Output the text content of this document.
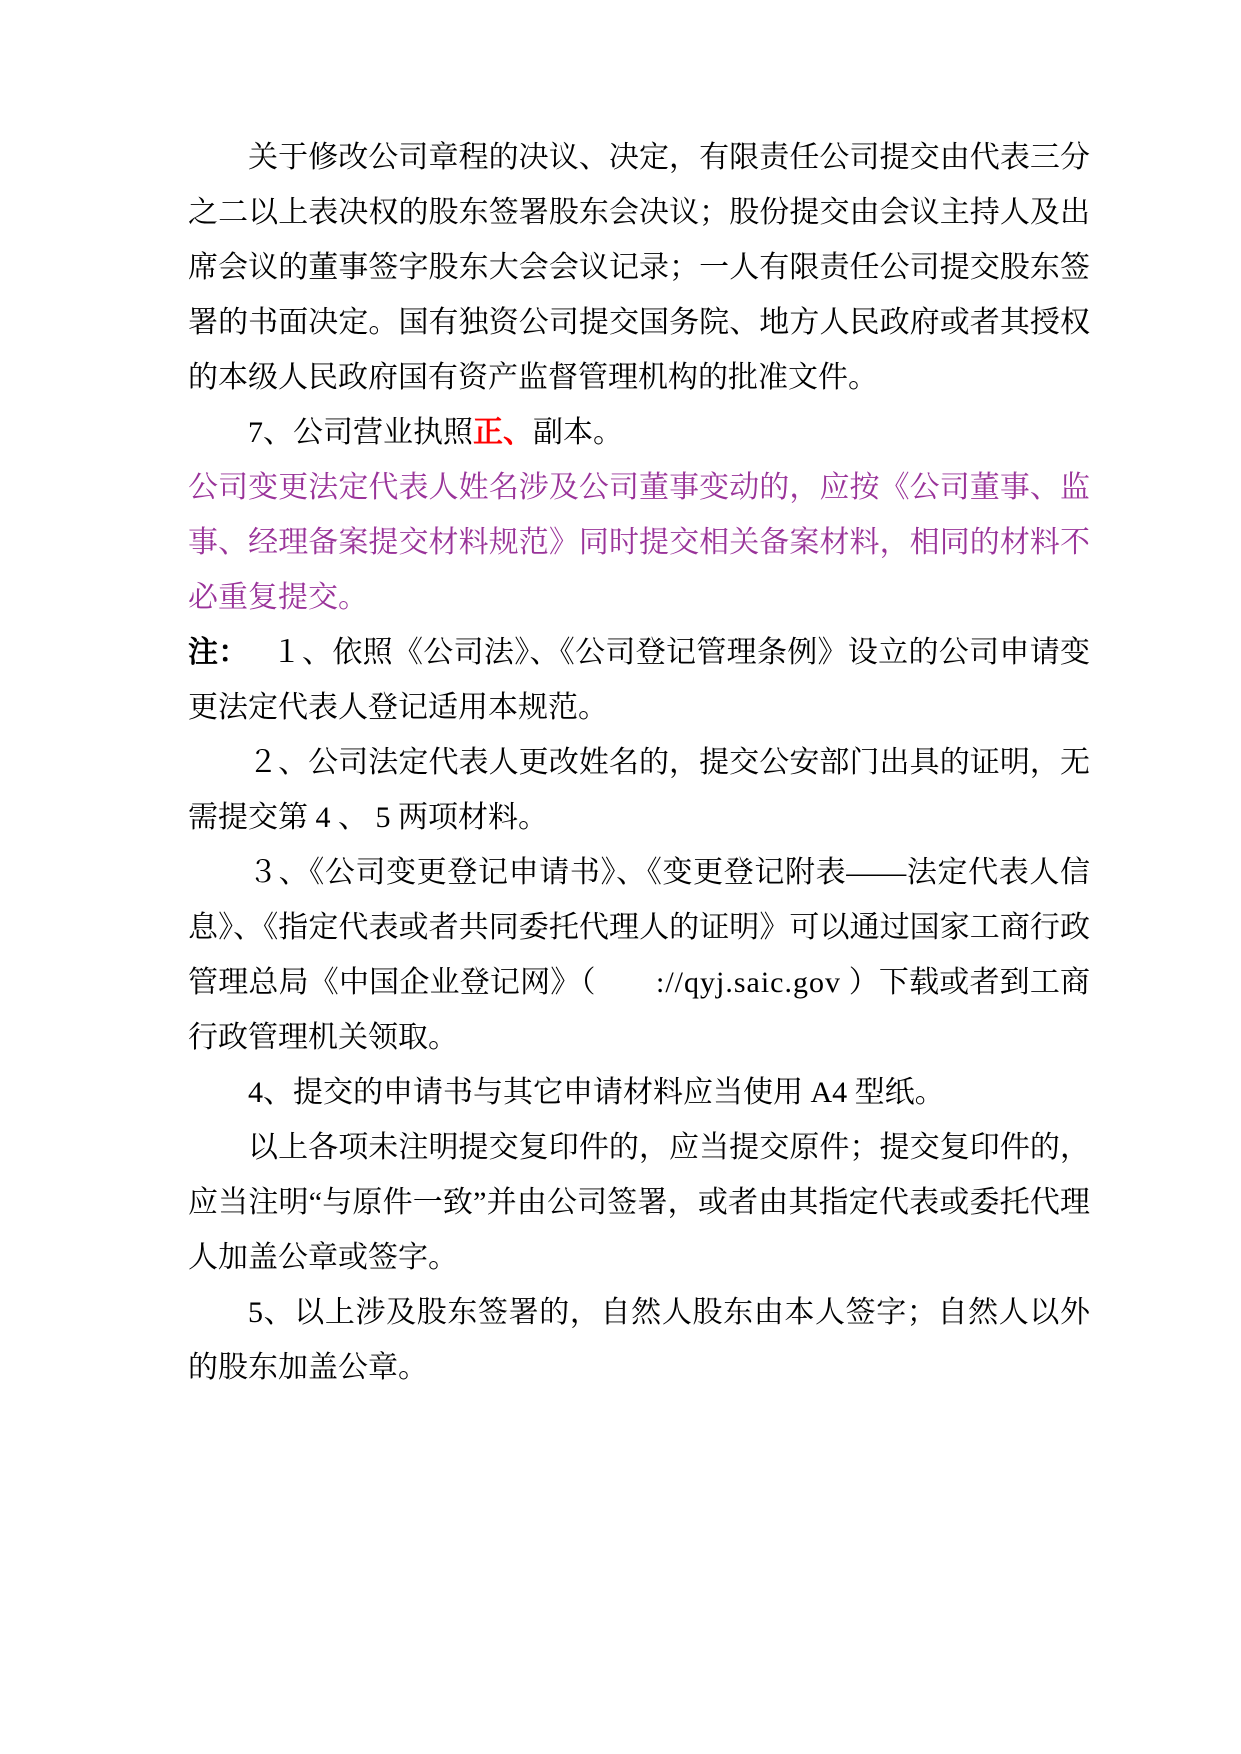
关于修改公司章程的决议、决定，有限责任公司提交由代表三分之二以上表决权的股东签署股东会决议；股份提交由会议主持人及出席会议的董事签字股东大会会议记录；一人有限责任公司提交股东签署的书面决定。国有独资公司提交国务院、地方人民政府或者其授权的本级人民政府国有资产监督管理机构的批准文件。

7、公司营业执照正、副本。

公司变更法定代表人姓名涉及公司董事变动的，应按《公司董事、监事、经理备案提交材料规范》同时提交相关备案材料，相同的材料不必重复提交。

注：　 １、依照《公司法》、《公司登记管理条例》设立的公司申请变更法定代表人登记适用本规范。

２、公司法定代表人更改姓名的，提交公安部门出具的证明，无需提交第 4 、 5 两项材料。

３、《公司变更登记申请书》、《变更登记附表——法定代表人信息》、《指定代表或者共同委托代理人的证明》可以通过国家工商行政管理总局《中国企业登记网》（　　://qyj.saic.gov ）下载或者到工商行政管理机关领取。

4、提交的申请书与其它申请材料应当使用 A4 型纸。

以上各项未注明提交复印件的，应当提交原件；提交复印件的，应当注明“与原件一致”并由公司签署，或者由其指定代表或委托代理人加盖公章或签字。

5、以上涉及股东签署的，自然人股东由本人签字；自然人以外的股东加盖公章。
